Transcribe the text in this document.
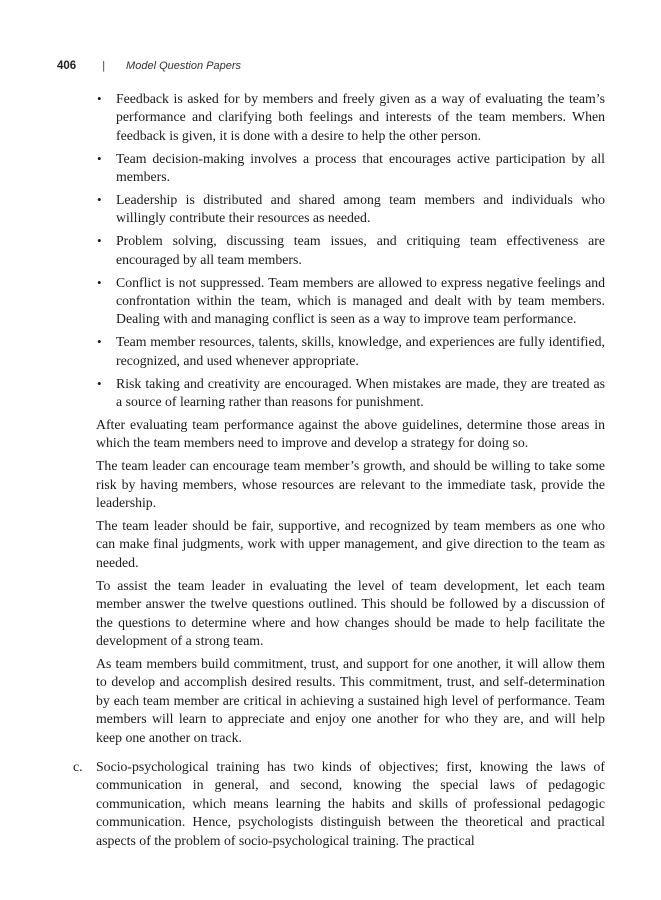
406 | Model Question Papers
• Feedback is asked for by members and freely given as a way of evaluating the team’s performance and clarifying both feelings and interests of the team members. When feedback is given, it is done with a desire to help the other person.
• Team decision-making involves a process that encourages active participation by all members.
• Leadership is distributed and shared among team members and individuals who willingly contribute their resources as needed.
• Problem solving, discussing team issues, and critiquing team effectiveness are encouraged by all team members.
• Conflict is not suppressed. Team members are allowed to express negative feelings and confrontation within the team, which is managed and dealt with by team members. Dealing with and managing conflict is seen as a way to improve team performance.
• Team member resources, talents, skills, knowledge, and experiences are fully identified, recognized, and used whenever appropriate.
• Risk taking and creativity are encouraged. When mistakes are made, they are treated as a source of learning rather than reasons for punishment.

After evaluating team performance against the above guidelines, determine those areas in which the team members need to improve and develop a strategy for doing so.

The team leader can encourage team member’s growth, and should be willing to take some risk by having members, whose resources are relevant to the immediate task, provide the leadership.

The team leader should be fair, supportive, and recognized by team members as one who can make final judgments, work with upper management, and give direction to the team as needed.

To assist the team leader in evaluating the level of team development, let each team member answer the twelve questions outlined. This should be followed by a discussion of the questions to determine where and how changes should be made to help facilitate the development of a strong team.

As team members build commitment, trust, and support for one another, it will allow them to develop and accomplish desired results. This commitment, trust, and self-determination by each team member are critical in achieving a sustained high level of performance. Team members will learn to appreciate and enjoy one another for who they are, and will help keep one another on track.

c. Socio-psychological training has two kinds of objectives; first, knowing the laws of communication in general, and second, knowing the special laws of pedagogic communication, which means learning the habits and skills of professional pedagogic communication. Hence, psychologists distinguish between the theoretical and practical aspects of the problem of socio-psychological training. The practical
